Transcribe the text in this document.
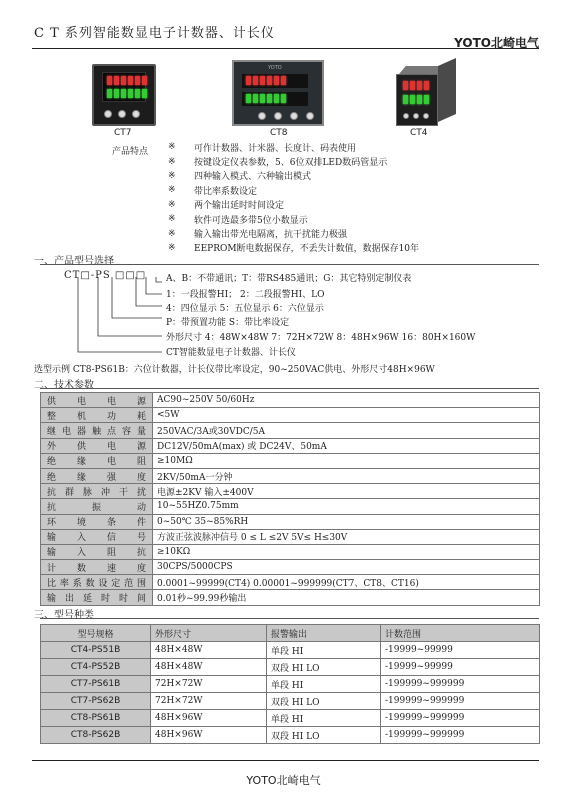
C T 系列智能数显电子计数器、计长仪
YOTO北崎电气
CT7
YOTO
CT8	CT4
产品特点 ※	可作计数器、计米器、长度计、码表使用
※	按键设定仪表参数，5、6位双排LED数码管显示
※	四种输入模式、六种输出模式
※	带比率系数设定
※	两个输出延时时间设定
※	软件可选最多带5位小数显示
※	输入输出带光电隔离，抗干扰能力极强
※	EEPROM断电数据保存，不丢失计数值，数据保存10年
一、产品型号选择
CT□-PS □□□ A、B：不带通讯；T：带RS485通讯；G：其它特别定制仪表
1：一段报警HI； 2：二段报警HI、LO
4：四位显示 5：五位显示 6：六位显示
P：带预置功能 S：带比率设定
外形尺寸 4：48W×48W 7：72H×72W 8：48H×96W 16：80H×160W
CT智能数显电子计数器、计长仪
选型示例 CT8-PS61B：六位计数器，计长仪带比率设定，90~250VAC供电、外形尺寸48H×96W
二、技术参数
供电电源	AC90~250V 50/60Hz
整机功耗	<5W
继电器触点容量	250VAC/3A或30VDC/5A
外供电源	DC12V/50mA(max) 或 DC24V、50mA
绝缘电阻	≥10MΩ
绝缘强度	2KV/50mA一分钟
抗群脉冲干扰	电源±2KV 输入±400V
抗振动	10~55HZ0.75mm
环境条件	0~50℃ 35~85%RH
输入信号	方波正弦波脉冲信号 0 ≤ L ≤2V 5V≤ H≤30V
输入阻抗	≥10KΩ
计数速度	30CPS/5000CPS
比率系数设定范围	0.0001~99999(CT4) 0.00001~999999(CT7、CT8、CT16)
输出延时时间	0.01秒~99.99秒输出
三、型号种类
型号规格	外形尺寸	报警输出	计数范围
CT4-PS51B	48H×48W	单段 HI	-19999~99999
CT4-PS52B	48H×48W	双段 HI LO	-19999~99999
CT7-PS61B	72H×72W	单段 HI	-199999~999999
CT7-PS62B	72H×72W	双段 HI LO	-199999~999999
CT8-PS61B	48H×96W	单段 HI	-199999~999999
CT8-PS62B	48H×96W	双段 HI LO	-199999~999999
YOTO北崎电气
